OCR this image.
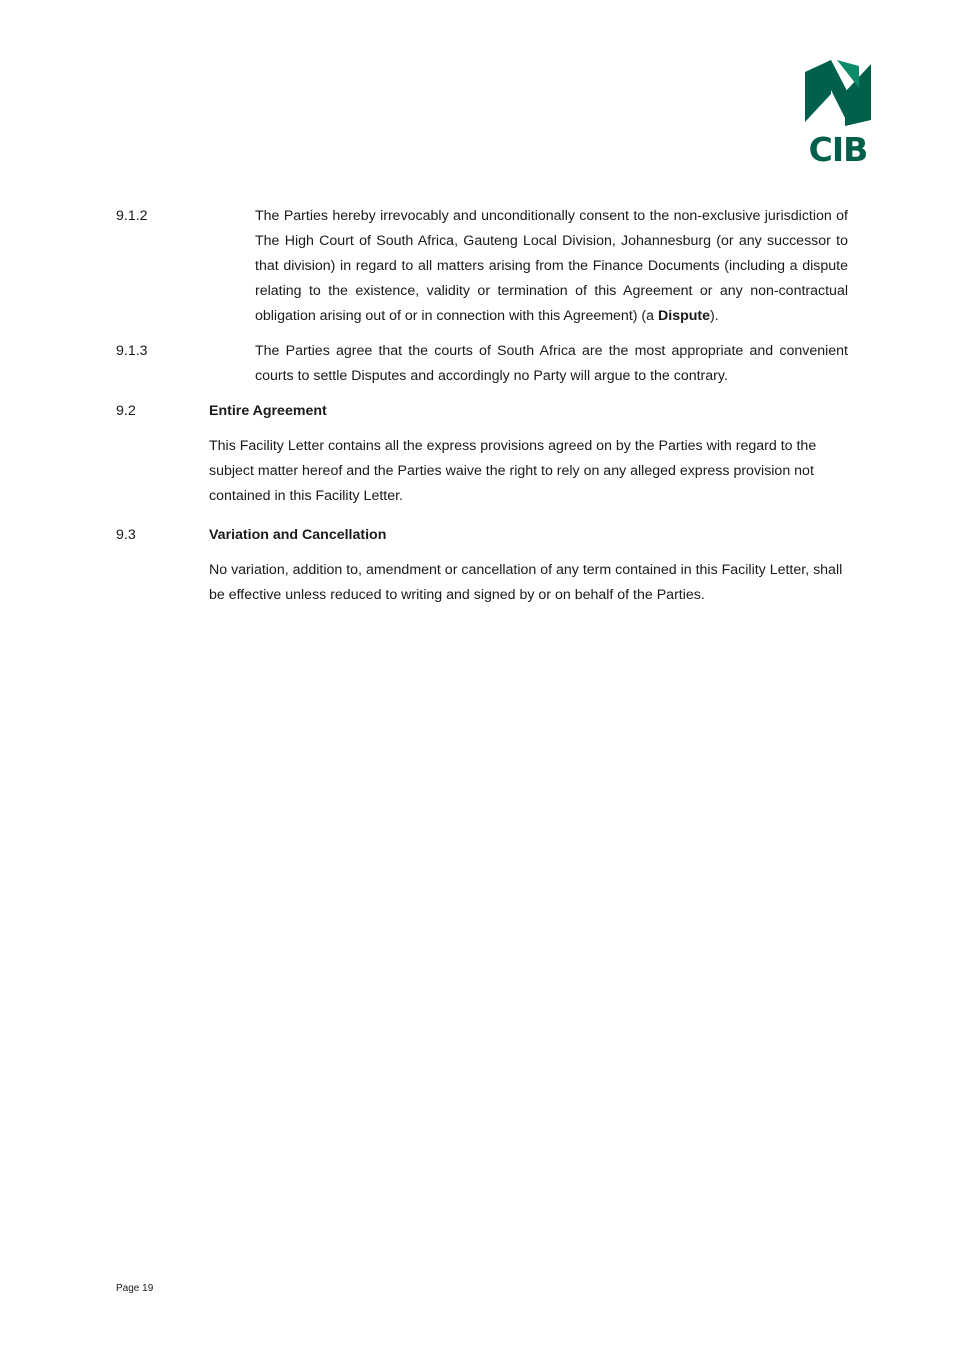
CIB
9.1.2	The Parties hereby irrevocably and unconditionally consent to the non-exclusive jurisdiction of The High Court of South Africa, Gauteng Local Division, Johannesburg (or any successor to that division) in regard to all matters arising from the Finance Documents (including a dispute relating to the existence, validity or termination of this Agreement or any non-contractual obligation arising out of or in connection with this Agreement) (a Dispute).
9.1.3	The Parties agree that the courts of South Africa are the most appropriate and convenient courts to settle Disputes and accordingly no Party will argue to the contrary.
9.2	Entire Agreement
This Facility Letter contains all the express provisions agreed on by the Parties with regard to the subject matter hereof and the Parties waive the right to rely on any alleged express provision not contained in this Facility Letter.
9.3	Variation and Cancellation
No variation, addition to, amendment or cancellation of any term contained in this Facility Letter, shall be effective unless reduced to writing and signed by or on behalf of the Parties.
Page 19
